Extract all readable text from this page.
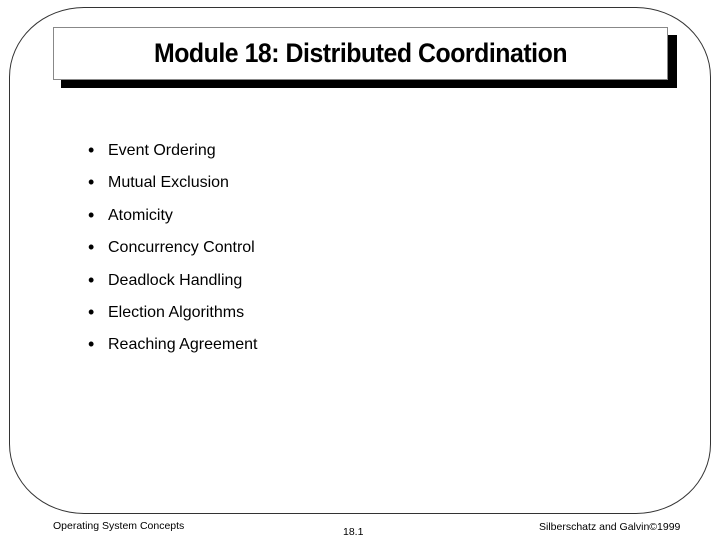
Module 18: Distributed Coordination
• Event Ordering
• Mutual Exclusion
• Atomicity
• Concurrency Control
• Deadlock Handling
• Election Algorithms
• Reaching Agreement
Operating System Concepts	18.1	Silberschatz and Galvin©1999
